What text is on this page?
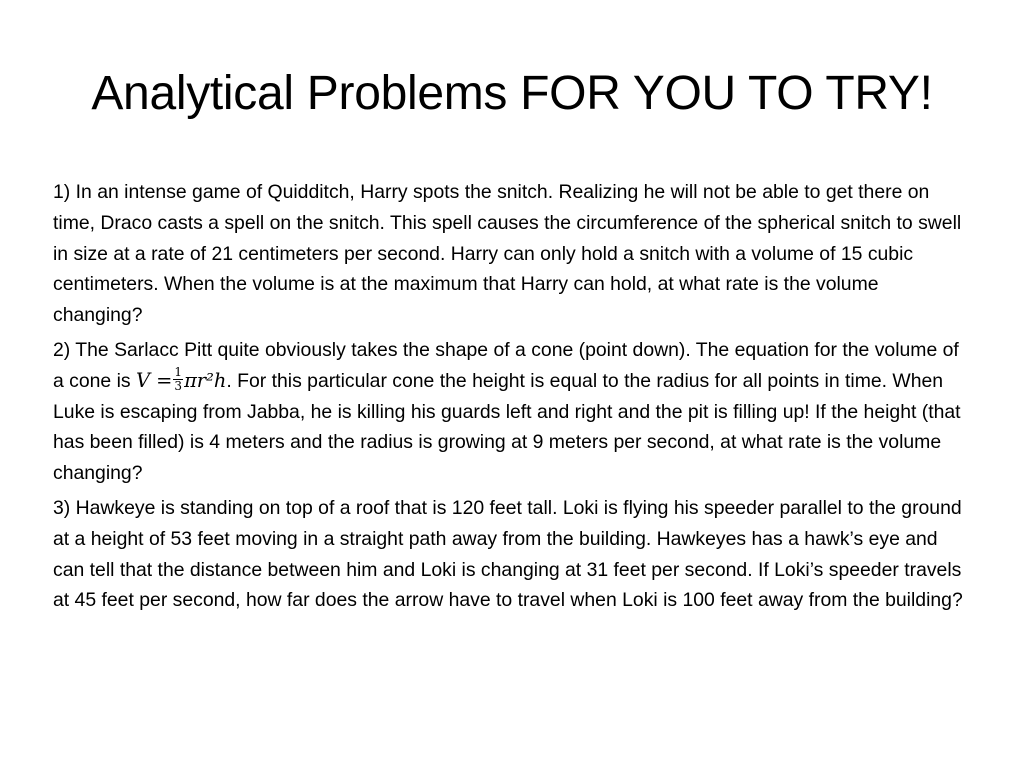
Analytical Problems FOR YOU TO TRY!

1) In an intense game of Quidditch, Harry spots the snitch. Realizing he will not be able to get there on time, Draco casts a spell on the snitch. This spell causes the circumference of the spherical snitch to swell in size at a rate of 21 centimeters per second. Harry can only hold a snitch with a volume of 15 cubic centimeters. When the volume is at the maximum that Harry can hold, at what rate is the volume changing?

2) The Sarlacc Pitt quite obviously takes the shape of a cone (point down). The equation for the volume of a cone is $V = \frac{1}{3} \pi r^2h$. For this particular cone the height is equal to the radius for all points in time. When Luke is escaping from Jabba, he is killing his guards left and right and the pit is filling up! If the height (that has been filled) is 4 meters and the radius is growing at 9 meters per second, at what rate is the volume changing?

3) Hawkeye is standing on top of a roof that is 120 feet tall. Loki is flying his speeder parallel to the ground at a height of 53 feet moving in a straight path away from the building. Hawkeyes has a hawk’s eye and can tell that the distance between him and Loki is changing at 31 feet per second. If Loki’s speeder travels at 45 feet per second, how far does the arrow have to travel when Loki is 100 feet away from the building?
